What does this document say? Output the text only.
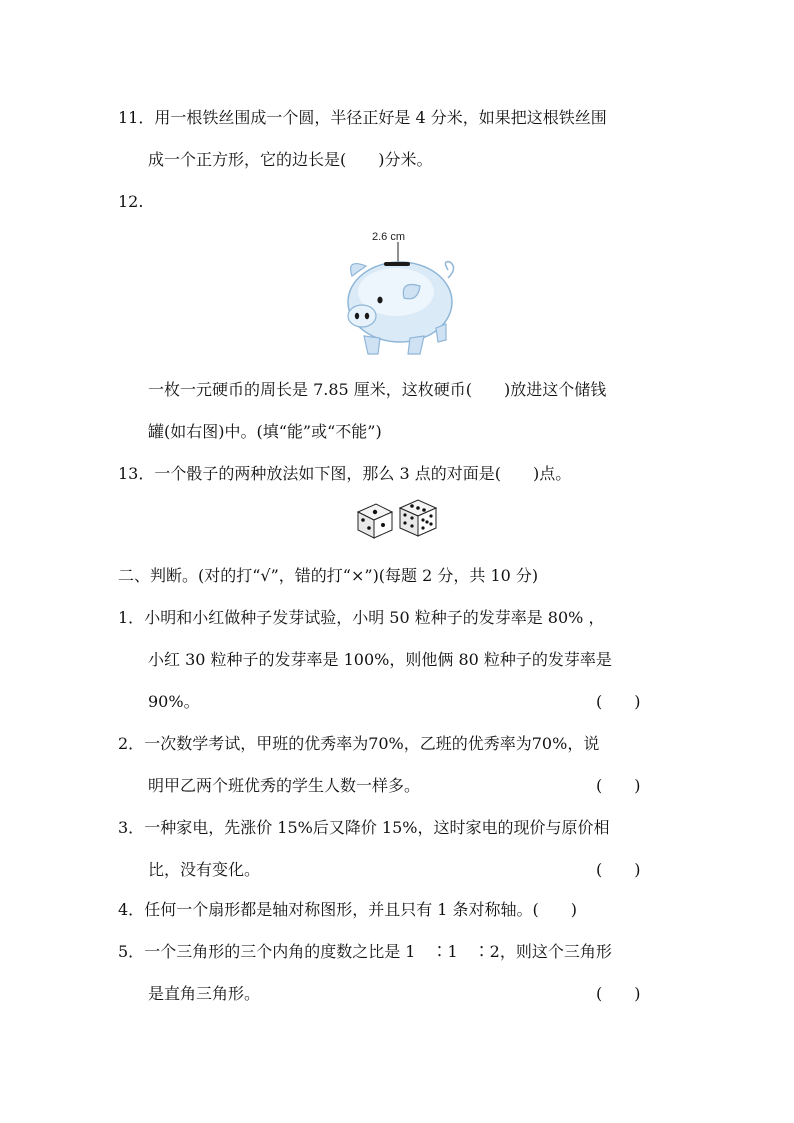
11．用一根铁丝围成一个圆，半径正好是 4 分米，如果把这根铁丝围
成一个正方形，它的边长是(　　)分米。
12.
2.6 cm
一枚一元硬币的周长是 7.85 厘米，这枚硬币(　　)放进这个储钱
罐(如右图)中。(填“能”或“不能”)
13．一个骰子的两种放法如下图，那么 3 点的对面是(　　)点。
二、判断。(对的打“√”，错的打“×”)(每题 2 分，共 10 分)
1．小明和小红做种子发芽试验，小明 50 粒种子的发芽率是 80% ，
小红 30 粒种子的发芽率是 100%，则他俩 80 粒种子的发芽率是
90%。	(　　)
2．一次数学考试，甲班的优秀率为70%，乙班的优秀率为70%，说
明甲乙两个班优秀的学生人数一样多。	(　　)
3．一种家电，先涨价 15%后又降价 15%，这时家电的现价与原价相
比，没有变化。	(　　)
4．任何一个扇形都是轴对称图形，并且只有 1 条对称轴。(　　)
5．一个三角形的三个内角的度数之比是 1　∶1　∶2，则这个三角形
是直角三角形。	(　　)
